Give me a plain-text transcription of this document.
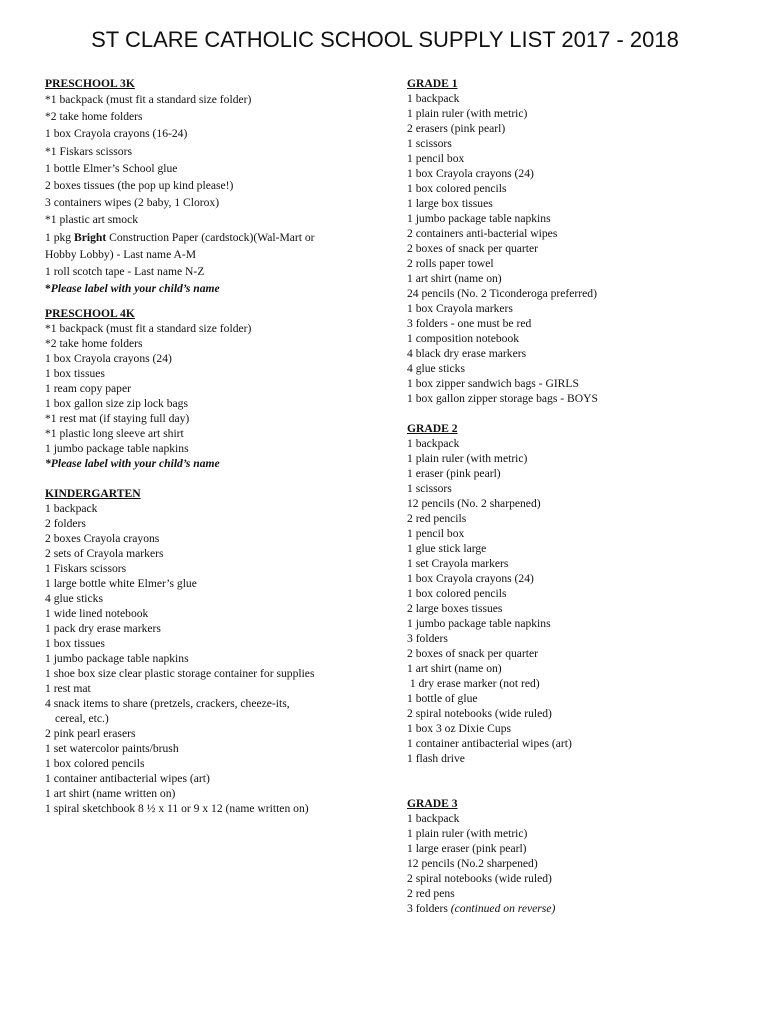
ST CLARE CATHOLIC SCHOOL SUPPLY LIST 2017 - 2018

PRESCHOOL 3K

*1 backpack (must fit a standard size folder)

*2 take home folders

1 box Crayola crayons (16-24)

*1 Fiskars scissors

1 bottle Elmer’s School glue

2 boxes tissues (the pop up kind please!)

3 containers wipes (2 baby, 1 Clorox)

*1 plastic art smock

1 pkg Bright Construction Paper (cardstock)(Wal-Mart or

Hobby Lobby) - Last name A-M

1 roll scotch tape - Last name N-Z

*Please label with your child’s name

PRESCHOOL 4K

*1 backpack (must fit a standard size folder)

*2 take home folders

1 box Crayola crayons (24)

1 box tissues

1 ream copy paper

1 box gallon size zip lock bags

*1 rest mat (if staying full day)

*1 plastic long sleeve art shirt

1 jumbo package table napkins

*Please label with your child’s name

KINDERGARTEN

1 backpack

2 folders

2 boxes Crayola crayons

2 sets of Crayola markers

1 Fiskars scissors

1 large bottle white Elmer’s glue

4 glue sticks

1 wide lined notebook

1 pack dry erase markers

1 box tissues

1 jumbo package table napkins

1 shoe box size clear plastic storage container for supplies

1 rest mat

4 snack items to share (pretzels, crackers, cheeze-its,

cereal, etc.)

2 pink pearl erasers

1 set watercolor paints/brush

1 box colored pencils

1 container antibacterial wipes (art)

1 art shirt (name written on)

1 spiral sketchbook 8 ½ x 11 or 9 x 12 (name written on)

GRADE 1

1 backpack

1 plain ruler (with metric)

2 erasers (pink pearl)

1 scissors

1 pencil box

1 box Crayola crayons (24)

1 box colored pencils

1 large box tissues

1 jumbo package table napkins

2 containers anti-bacterial wipes

2 boxes of snack per quarter

2 rolls paper towel

1 art shirt (name on)

24 pencils (No. 2 Ticonderoga preferred)

1 box Crayola markers

3 folders - one must be red

1 composition notebook

4 black dry erase markers

4 glue sticks

1 box zipper sandwich bags - GIRLS

1 box gallon zipper storage bags - BOYS

GRADE 2

1 backpack

1 plain ruler (with metric)

1 eraser (pink pearl)

1 scissors

12 pencils (No. 2 sharpened)

2 red pencils

1 pencil box

1 glue stick large

1 set Crayola markers

1 box Crayola crayons (24)

1 box colored pencils

2 large boxes tissues

1 jumbo package table napkins

3 folders

2 boxes of snack per quarter

1 art shirt (name on)

1 dry erase marker (not red)

1 bottle of glue

2 spiral notebooks (wide ruled)

1 box 3 oz Dixie Cups

1 container antibacterial wipes (art)

1 flash drive

GRADE 3

1 backpack

1 plain ruler (with metric)

1 large eraser (pink pearl)

12 pencils (No.2 sharpened)

2 spiral notebooks (wide ruled)

2 red pens

3 folders (continued on reverse)
